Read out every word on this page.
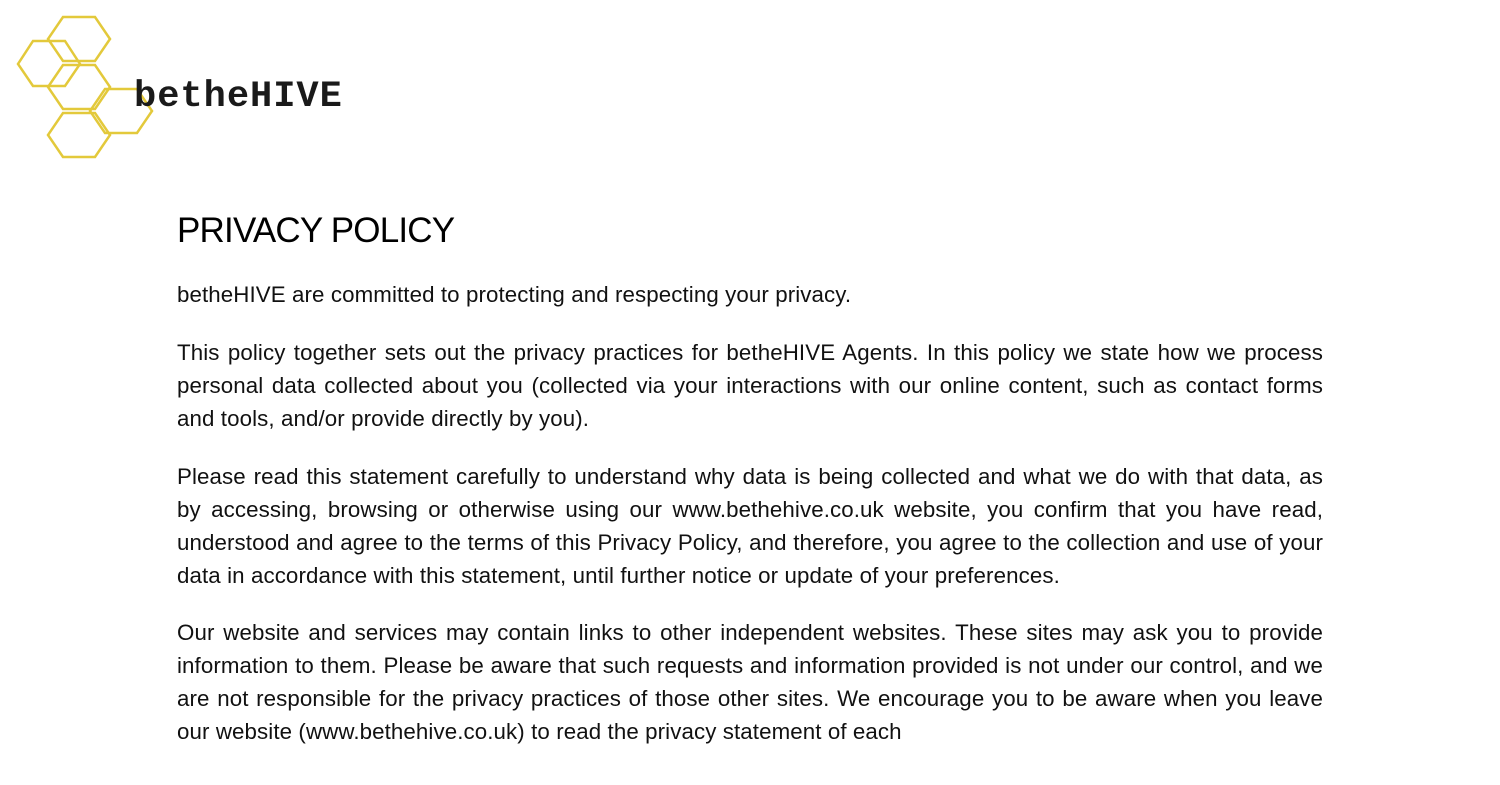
betheHIVE
PRIVACY POLICY

betheHIVE are committed to protecting and respecting your privacy.

This policy together sets out the privacy practices for betheHIVE Agents. In this policy we state how we process personal data collected about you (collected via your interactions with our online content, such as contact forms and tools, and/or provide directly by you).

Please read this statement carefully to understand why data is being collected and what we do with that data, as by accessing, browsing or otherwise using our www.bethehive.co.uk website, you confirm that you have read, understood and agree to the terms of this Privacy Policy, and therefore, you agree to the collection and use of your data in accordance with this statement, until further notice or update of your preferences.

Our website and services may contain links to other independent websites. These sites may ask you to provide information to them. Please be aware that such requests and information provided is not under our control, and we are not responsible for the privacy practices of those other sites. We encourage you to be aware when you leave our website (www.bethehive.co.uk) to read the privacy statement of each
